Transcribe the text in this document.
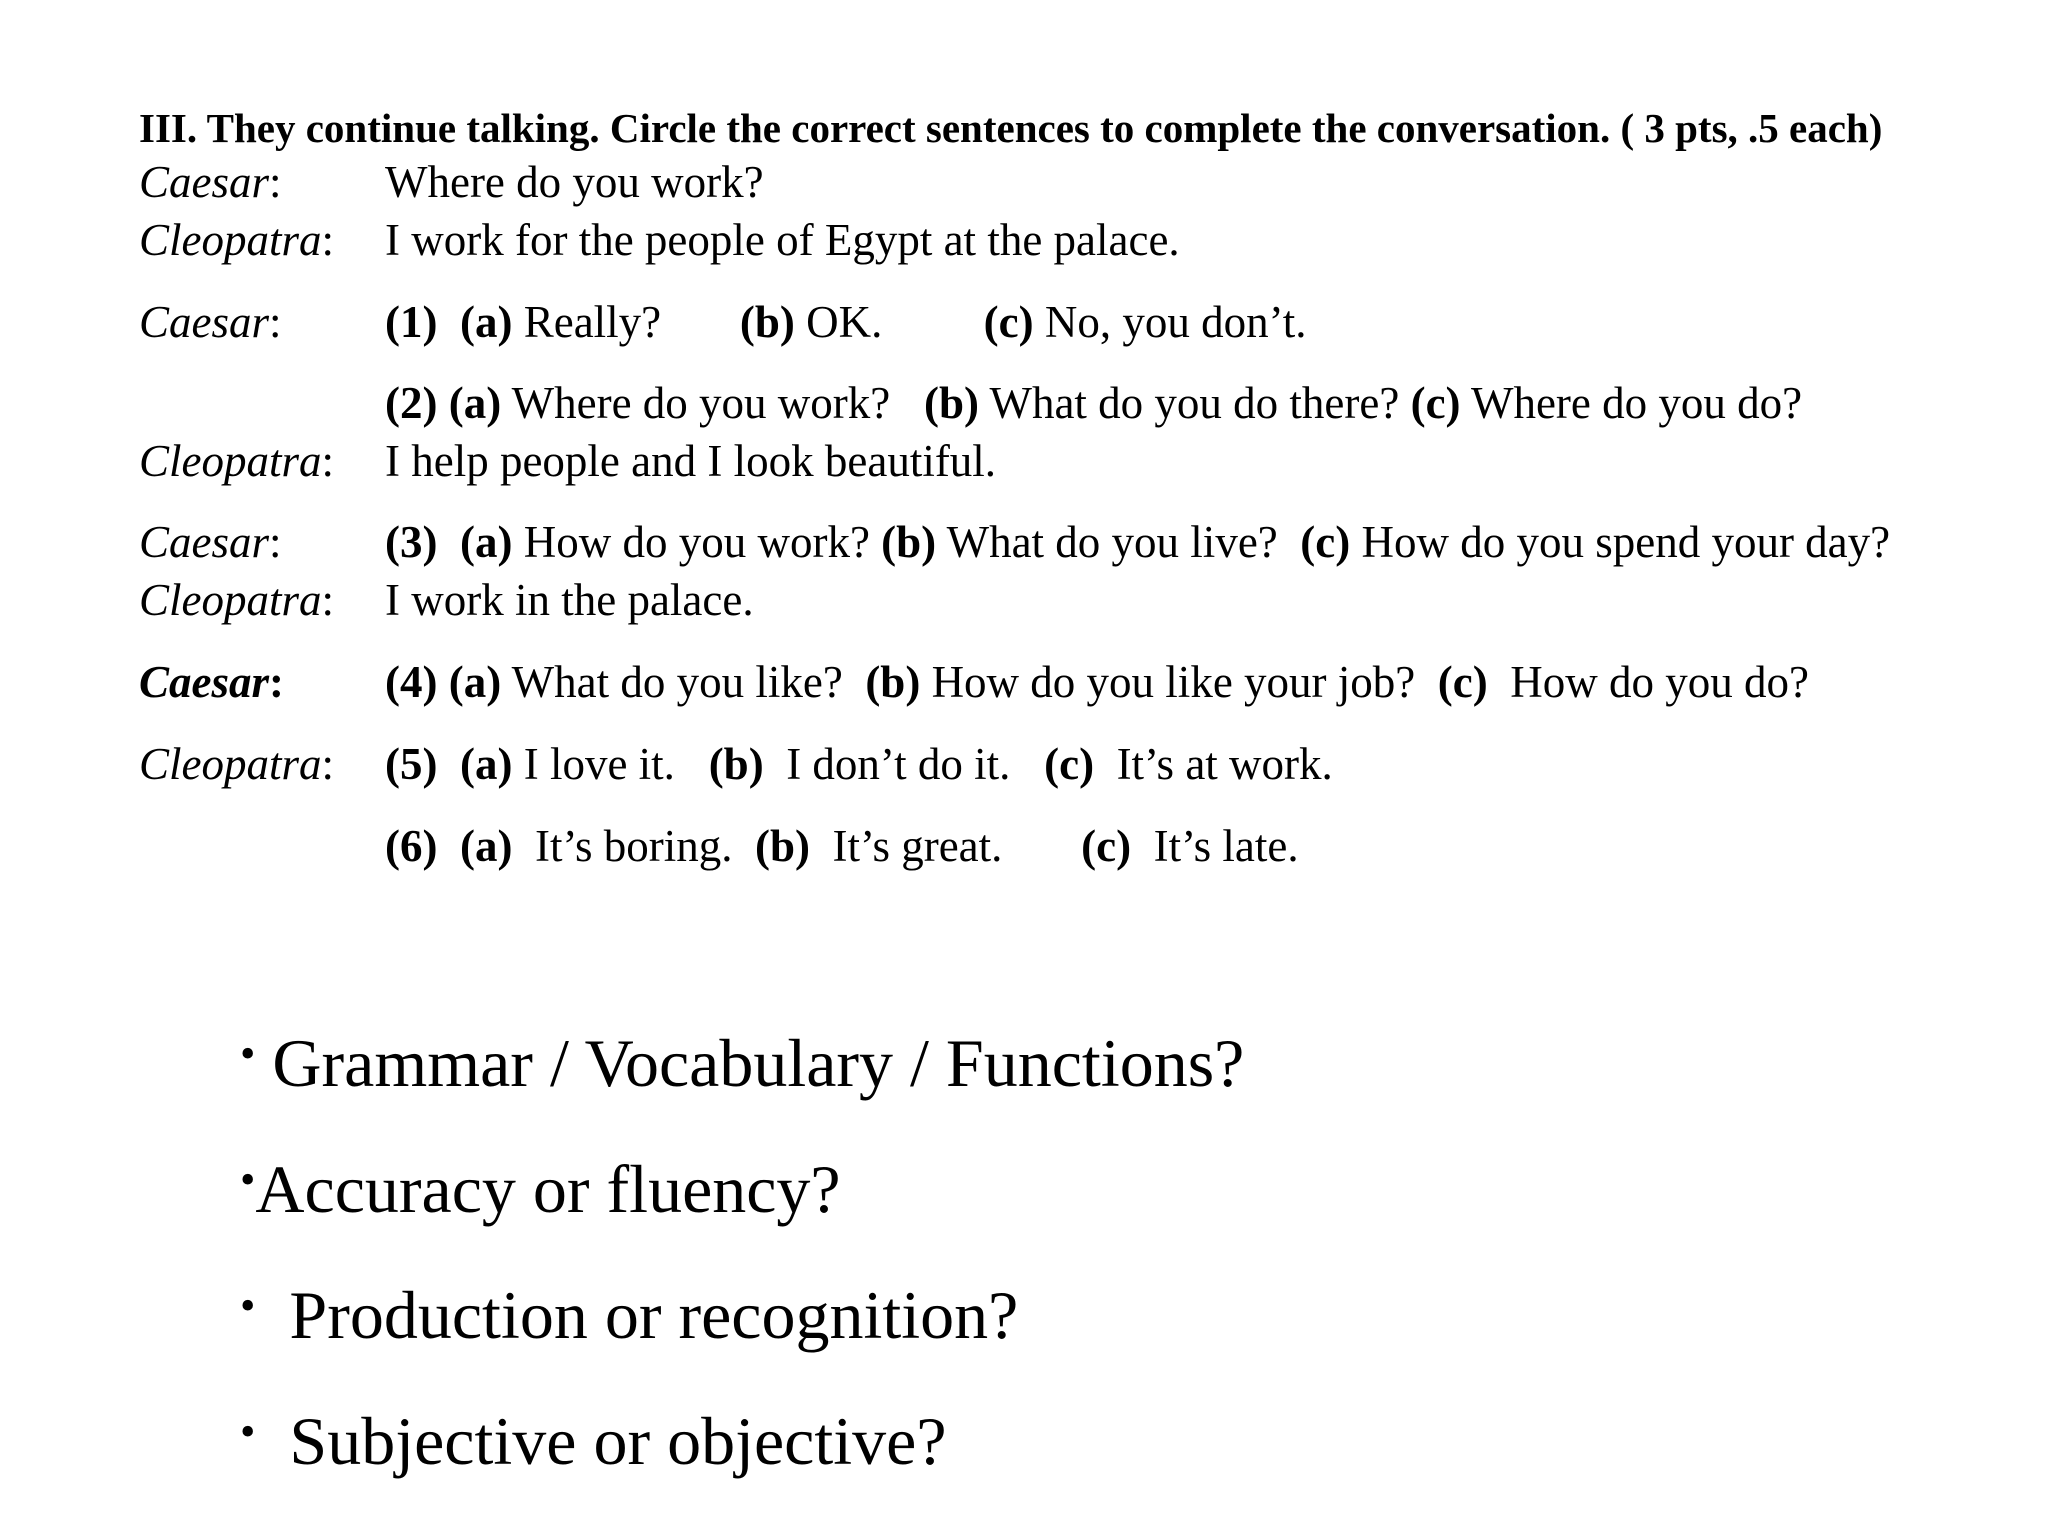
III. They continue talking. Circle the correct sentences to complete the conversation. ( 3 pts, .5 each)
Caesar: Where do you work?
Cleopatra: I work for the people of Egypt at the palace.
Caesar: (1) (a) Really? (b) OK. (c) No, you don’t.
(2) (a) Where do you work? (b) What do you do there? (c) Where do you do?
Cleopatra: I help people and I look beautiful.
Caesar: (3) (a) How do you work? (b) What do you live? (c) How do you spend your day?
Cleopatra: I work in the palace.
Caesar: (4) (a) What do you like? (b) How do you like your job? (c) How do you do?
Cleopatra: (5) (a) I love it. (b) I don’t do it. (c) It’s at work.
(6) (a) It’s boring. (b) It’s great. (c) It’s late.
• Grammar / Vocabulary / Functions?
•Accuracy or fluency?
• Production or recognition?
• Subjective or objective?
